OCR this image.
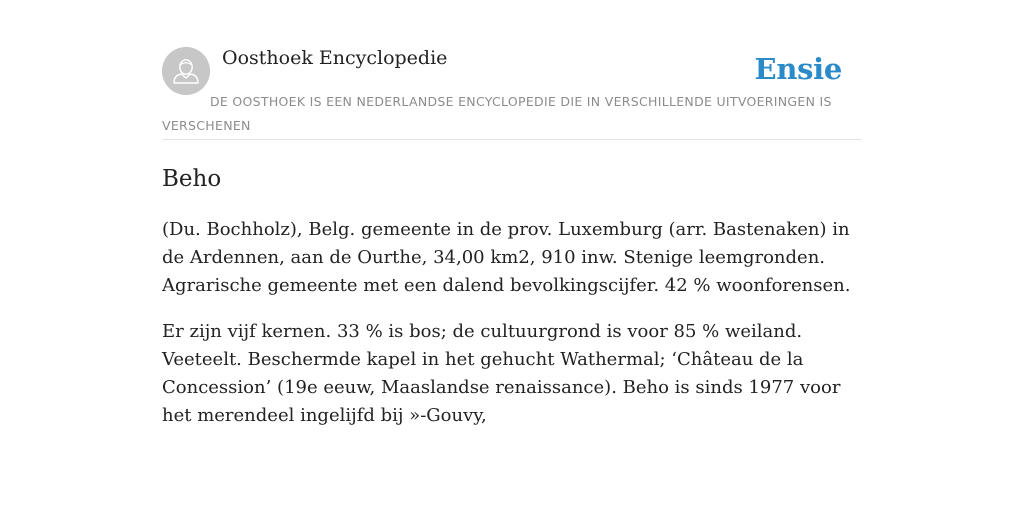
Oosthoek Encyclopedie	Ensie
DE OOSTHOEK IS EEN NEDERLANDSE ENCYCLOPEDIE DIE IN VERSCHILLENDE UITVOERINGEN IS VERSCHENEN
Beho

(Du. Bochholz), Belg. gemeente in de prov. Luxemburg (arr. Bastenaken) in de Ardennen, aan de Ourthe, 34,00 km2, 910 inw. Stenige leemgronden. Agrarische gemeente met een dalend bevolkingscijfer. 42 % woonforensen.

Er zijn vijf kernen. 33 % is bos; de cultuurgrond is voor 85 % weiland. Veeteelt. Beschermde kapel in het gehucht Wathermal; ‘Château de la Concession’ (19e eeuw, Maaslandse renaissance). Beho is sinds 1977 voor het merendeel ingelijfd bij »-Gouvy,
